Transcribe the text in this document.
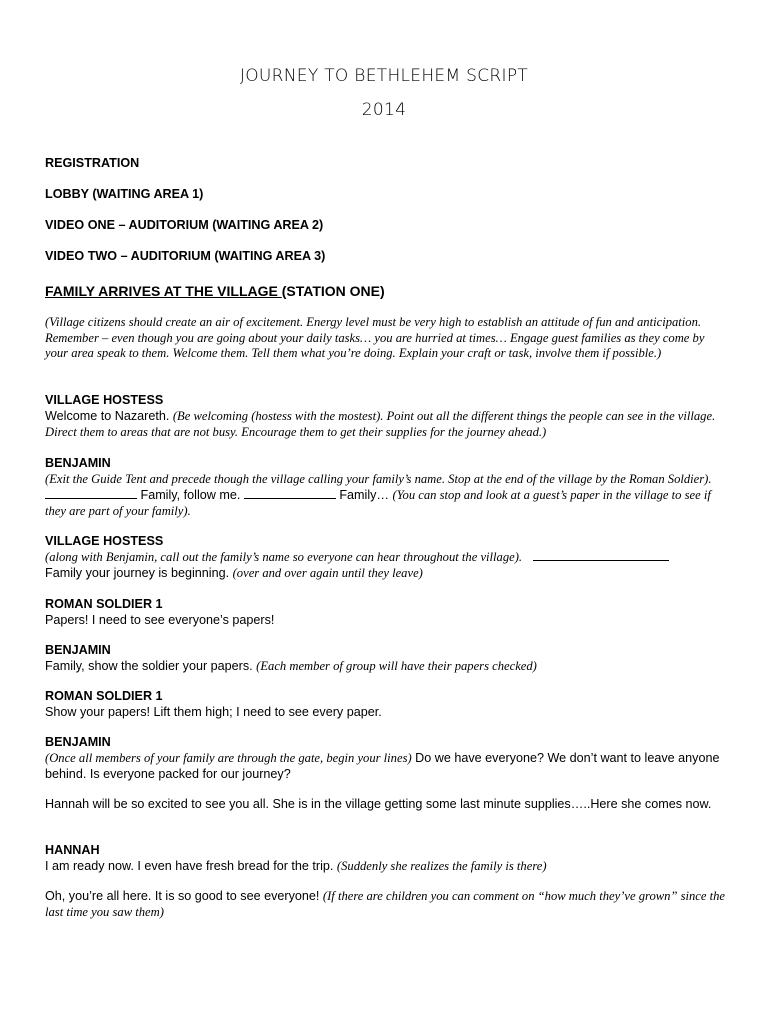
JOURNEY TO BETHLEHEM SCRIPT
2014
REGISTRATION
LOBBY (WAITING AREA 1)
VIDEO ONE – AUDITORIUM (WAITING AREA 2)
VIDEO TWO – AUDITORIUM (WAITING AREA 3)
FAMILY ARRIVES AT THE VILLAGE (STATION ONE)
(Village citizens should create an air of excitement. Energy level must be very high to establish an attitude of fun and anticipation. Remember – even though you are going about your daily tasks… you are hurried at times… Engage guest families as they come by your area speak to them. Welcome them. Tell them what you’re doing. Explain your craft or task, involve them if possible.)
VILLAGE HOSTESS
Welcome to Nazareth. (Be welcoming (hostess with the mostest). Point out all the different things the people can see in the village. Direct them to areas that are not busy. Encourage them to get their supplies for the journey ahead.)
BENJAMIN
(Exit the Guide Tent and precede though the village calling your family’s name. Stop at the end of the village by the Roman Soldier).   Family, follow me.	Family… (You can stop and look at a guest’s paper in the village to see if they are part of your family).
VILLAGE HOSTESS
(along with Benjamin, call out the family’s name so everyone can hear throughout the village).
Family your journey is beginning. (over and over again until they leave)
ROMAN SOLDIER 1
Papers! I need to see everyone’s papers!
BENJAMIN
Family, show the soldier your papers. (Each member of group will have their papers checked)
ROMAN SOLDIER 1
Show your papers! Lift them high; I need to see every paper.
BENJAMIN
(Once all members of your family are through the gate, begin your lines) Do we have everyone? We don’t want to leave anyone behind. Is everyone packed for our journey?
Hannah will be so excited to see you all. She is in the village getting some last minute supplies…..Here she comes now.
HANNAH
I am ready now. I even have fresh bread for the trip. (Suddenly she realizes the family is there)
Oh, you’re all here. It is so good to see everyone! (If there are children you can comment on “how much they’ve grown” since the last time you saw them)
